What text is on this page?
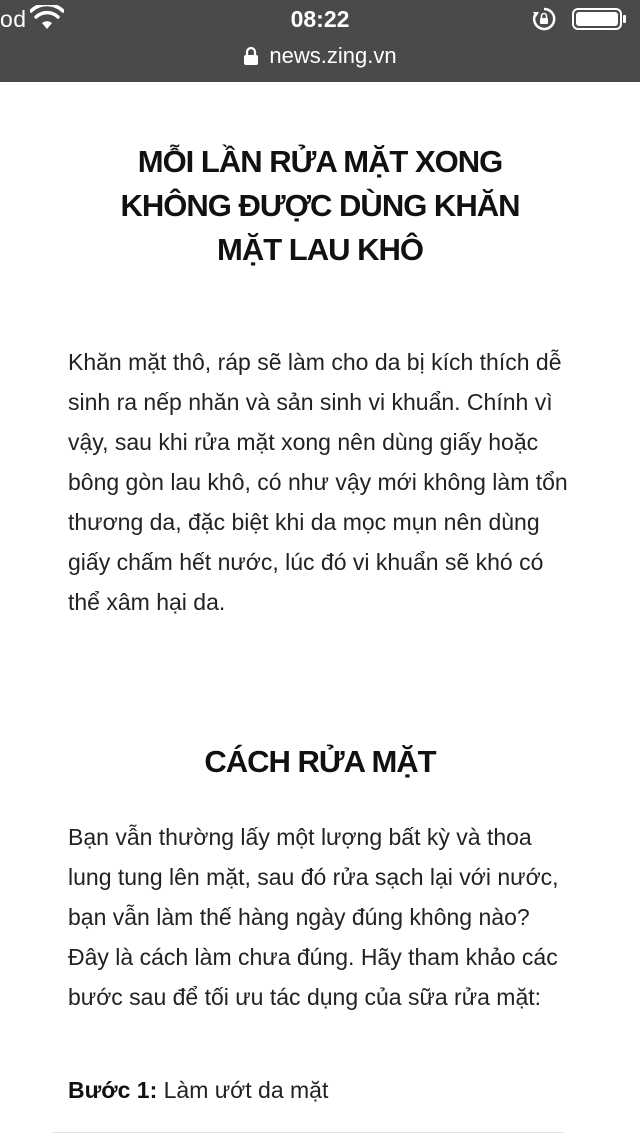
od	08:22
news.zing.vn
MỖI LẦN RỬA MẶT XONG KHÔNG ĐƯỢC DÙNG KHĂN MẶT LAU KHÔ

Khăn mặt thô, ráp sẽ làm cho da bị kích thích dễ sinh ra nếp nhăn và sản sinh vi khuẩn. Chính vì vậy, sau khi rửa mặt xong nên dùng giấy hoặc bông gòn lau khô, có như vậy mới không làm tổn thương da, đặc biệt khi da mọc mụn nên dùng giấy chấm hết nước, lúc đó vi khuẩn sẽ khó có thể xâm hại da.

CÁCH RỬA MẶT

Bạn vẫn thường lấy một lượng bất kỳ và thoa lung tung lên mặt, sau đó rửa sạch lại với nước, bạn vẫn làm thế hàng ngày đúng không nào? Đây là cách làm chưa đúng. Hãy tham khảo các bước sau để tối ưu tác dụng của sữa rửa mặt:

Bước 1: Làm ướt da mặt
